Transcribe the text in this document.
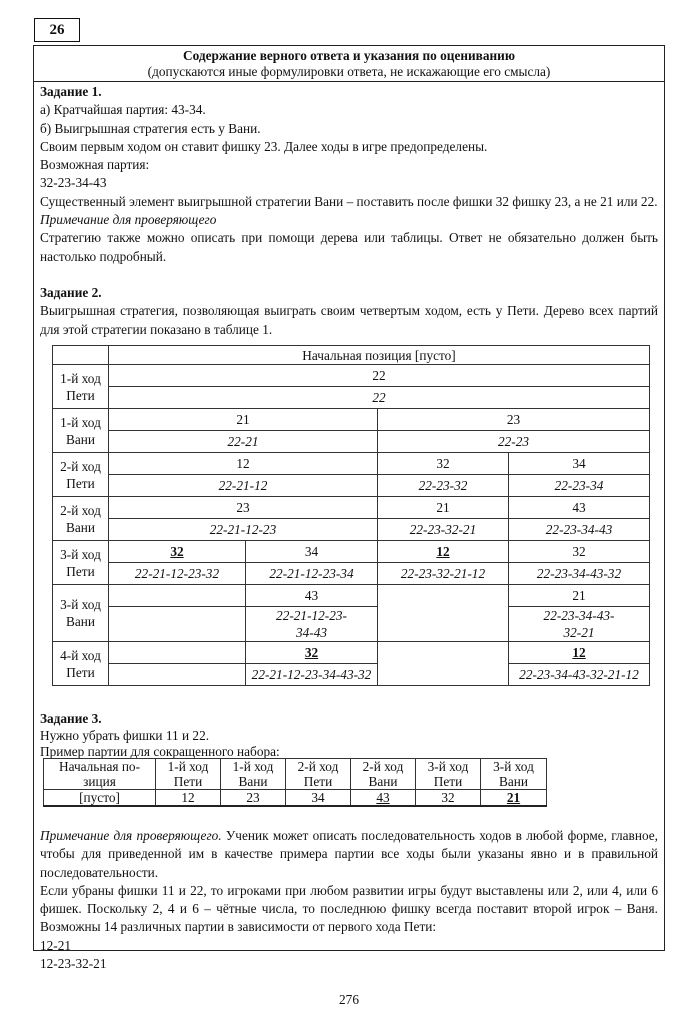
26
Содержание верного ответа и указания по оцениванию
(допускаются иные формулировки ответа, не искажающие его смысла)

Задание 1.

а) Кратчайшая партия: 43-34.

б) Выигрышная стратегия есть у Вани.

Своим первым ходом он ставит фишку 23. Далее ходы в игре предопределены.

Возможная партия:

32-23-34-43

Существенный элемент выигрышной стратегии Вани – поставить после фишки 32 фишку 23, а не 21 или 22.

Примечание для проверяющего

Стратегию также можно описать при помощи дерева или таблицы. Ответ не обязательно должен быть настолько подробный.

Задание 2.

Выигрышная стратегия, позволяющая выиграть своим четвертым ходом, есть у Пети. Дерево всех партий для этой стратегии показано в таблице 1.

	Начальная позиция [пусто]			
1-й ход
Пети	22			
	22			
1-й ход
Вани	21		23	
	22-21		22-23	
2-й ход
Пети	12		32	34
	22-21-12		22-23-32	22-23-34
2-й ход
Вани	23		21	43
	22-21-12-23		22-23-32-21	22-23-34-43
3-й ход
Пети	32	34	12	32
	22-21-12-23-32	22-21-12-23-34	22-23-32-21-12	22-23-34-43-32
3-й ход
Вани		43		21
		22-21-12-23-
34-43		22-23-34-43-
32-21
4-й ход
Пети		32		12
		22-21-12-23-34-43-32		22-23-34-43-32-21-12

Задание 3.

Нужно убрать фишки 11 и 22.

Пример партии для сокращенного набора:

Начальная по-
зиция	1-й ход
Пети	1-й ход
Вани	2-й ход
Пети	2-й ход
Вани	3-й ход
Пети	3-й ход
Вани
[пусто]	12	23	34	43	32	21

Примечание для проверяющего. Ученик может описать последовательность ходов в любой форме, главное, чтобы для приведенной им в качестве примера партии все ходы были указаны явно и в правильной последовательности.

Если убраны фишки 11 и 22, то игроками при любом развитии игры будут выставлены или 2, или 4, или 6 фишек. Поскольку 2, 4 и 6 – чётные числа, то последнюю фишку всегда поставит второй игрок – Ваня. Возможны 14 различных партии в зависимости от первого хода Пети:

12-21

12-23-32-21

276
